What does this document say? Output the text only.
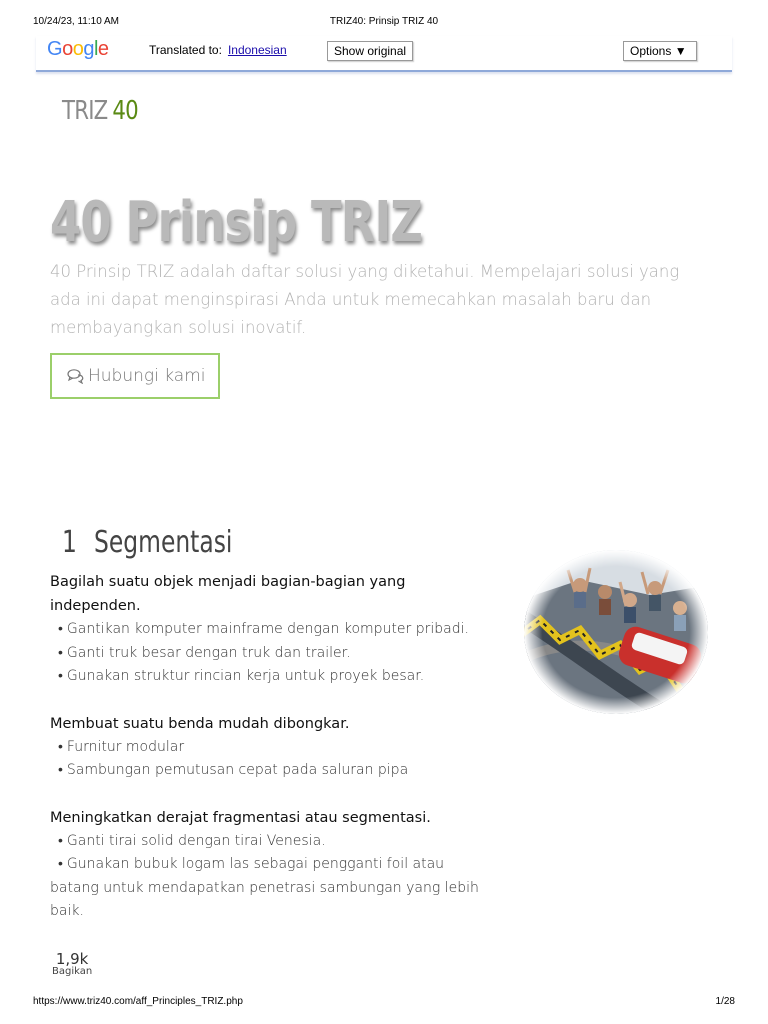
10/24/23, 11:10 AM	TRIZ40: Prinsip TRIZ 40
Google	Translated to: Indonesian	Show original	Options ▼
TRIZ 40
40 Prinsip TRIZ
40 Prinsip TRIZ adalah daftar solusi yang diketahui. Mempelajari solusi yang ada ini dapat menginspirasi Anda untuk memecahkan masalah baru dan membayangkan solusi inovatif.
Hubungi kami
1 Segmentasi
Bagilah suatu objek menjadi bagian-bagian yang independen.
• Gantikan komputer mainframe dengan komputer pribadi.
• Ganti truk besar dengan truk dan trailer.
• Gunakan struktur rincian kerja untuk proyek besar.
Membuat suatu benda mudah dibongkar.
• Furnitur modular
• Sambungan pemutusan cepat pada saluran pipa
Meningkatkan derajat fragmentasi atau segmentasi.
• Ganti tirai solid dengan tirai Venesia.
• Gunakan bubuk logam las sebagai pengganti foil atau batang untuk mendapatkan penetrasi sambungan yang lebih baik.
1,9k
Bagikan
https://www.triz40.com/aff_Principles_TRIZ.php	1/28
